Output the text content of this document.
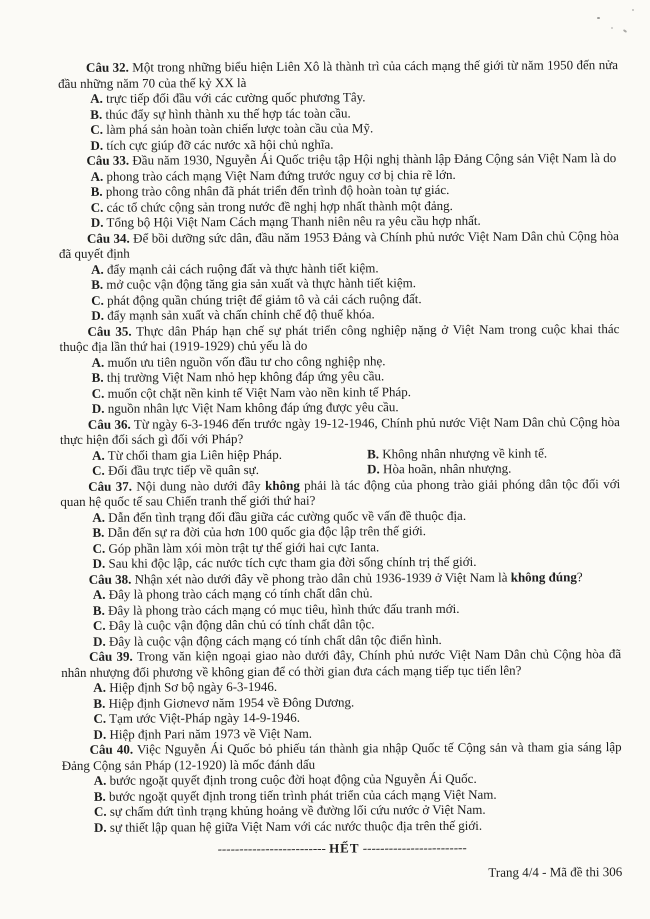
Câu 32. Một trong những biểu hiện Liên Xô là thành trì của cách mạng thế giới từ năm 1950 đến nửa đầu những năm 70 của thế kỷ XX là

A. trực tiếp đối đầu với các cường quốc phương Tây.
B. thúc đẩy sự hình thành xu thế hợp tác toàn cầu.
C. làm phá sản hoàn toàn chiến lược toàn cầu của Mỹ.
D. tích cực giúp đỡ các nước xã hội chủ nghĩa.

Câu 33. Đầu năm 1930, Nguyễn Ái Quốc triệu tập Hội nghị thành lập Đảng Cộng sản Việt Nam là do

A. phong trào cách mạng Việt Nam đứng trước nguy cơ bị chia rẽ lớn.
B. phong trào công nhân đã phát triển đến trình độ hoàn toàn tự giác.
C. các tổ chức cộng sản trong nước đề nghị hợp nhất thành một đảng.
D. Tổng bộ Hội Việt Nam Cách mạng Thanh niên nêu ra yêu cầu hợp nhất.

Câu 34. Để bồi dưỡng sức dân, đầu năm 1953 Đảng và Chính phủ nước Việt Nam Dân chủ Cộng hòa đã quyết định

A. đẩy mạnh cải cách ruộng đất và thực hành tiết kiệm.
B. mở cuộc vận động tăng gia sản xuất và thực hành tiết kiệm.
C. phát động quần chúng triệt để giảm tô và cải cách ruộng đất.
D. đẩy mạnh sản xuất và chấn chỉnh chế độ thuế khóa.

Câu 35. Thực dân Pháp hạn chế sự phát triển công nghiệp nặng ở Việt Nam trong cuộc khai thác thuộc địa lần thứ hai (1919-1929) chủ yếu là do

A. muốn ưu tiên nguồn vốn đầu tư cho công nghiệp nhẹ.
B. thị trường Việt Nam nhỏ hẹp không đáp ứng yêu cầu.
C. muốn cột chặt nền kinh tế Việt Nam vào nền kinh tế Pháp.
D. nguồn nhân lực Việt Nam không đáp ứng được yêu cầu.

Câu 36. Từ ngày 6-3-1946 đến trước ngày 19-12-1946, Chính phủ nước Việt Nam Dân chủ Cộng hòa thực hiện đối sách gì đối với Pháp?

A. Từ chối tham gia Liên hiệp Pháp.	B. Không nhân nhượng về kinh tế.
C. Đối đầu trực tiếp về quân sự.	D. Hòa hoãn, nhân nhượng.

Câu 37. Nội dung nào dưới đây không phải là tác động của phong trào giải phóng dân tộc đối với quan hệ quốc tế sau Chiến tranh thế giới thứ hai?

A. Dẫn đến tình trạng đối đầu giữa các cường quốc về vấn đề thuộc địa.
B. Dẫn đến sự ra đời của hơn 100 quốc gia độc lập trên thế giới.
C. Góp phần làm xói mòn trật tự thế giới hai cực Ianta.
D. Sau khi độc lập, các nước tích cực tham gia đời sống chính trị thế giới.

Câu 38. Nhận xét nào dưới đây về phong trào dân chủ 1936-1939 ở Việt Nam là không đúng?

A. Đây là phong trào cách mạng có tính chất dân chủ.
B. Đây là phong trào cách mạng có mục tiêu, hình thức đấu tranh mới.
C. Đây là cuộc vận động dân chủ có tính chất dân tộc.
D. Đây là cuộc vận động cách mạng có tính chất dân tộc điển hình.

Câu 39. Trong văn kiện ngoại giao nào dưới đây, Chính phủ nước Việt Nam Dân chủ Cộng hòa đã nhân nhượng đối phương về không gian để có thời gian đưa cách mạng tiếp tục tiến lên?

A. Hiệp định Sơ bộ ngày 6-3-1946.
B. Hiệp định Giơnevơ năm 1954 về Đông Dương.
C. Tạm ước Việt-Pháp ngày 14-9-1946.
D. Hiệp định Pari năm 1973 về Việt Nam.

Câu 40. Việc Nguyễn Ái Quốc bỏ phiếu tán thành gia nhập Quốc tế Cộng sản và tham gia sáng lập Đảng Cộng sản Pháp (12-1920) là mốc đánh dấu

A. bước ngoặt quyết định trong cuộc đời hoạt động của Nguyễn Ái Quốc.
B. bước ngoặt quyết định trong tiến trình phát triển của cách mạng Việt Nam.
C. sự chấm dứt tình trạng khủng hoảng về đường lối cứu nước ở Việt Nam.
D. sự thiết lập quan hệ giữa Việt Nam với các nước thuộc địa trên thế giới.
------------------------- HẾT ------------------------
Trang 4/4 - Mã đề thi 306
